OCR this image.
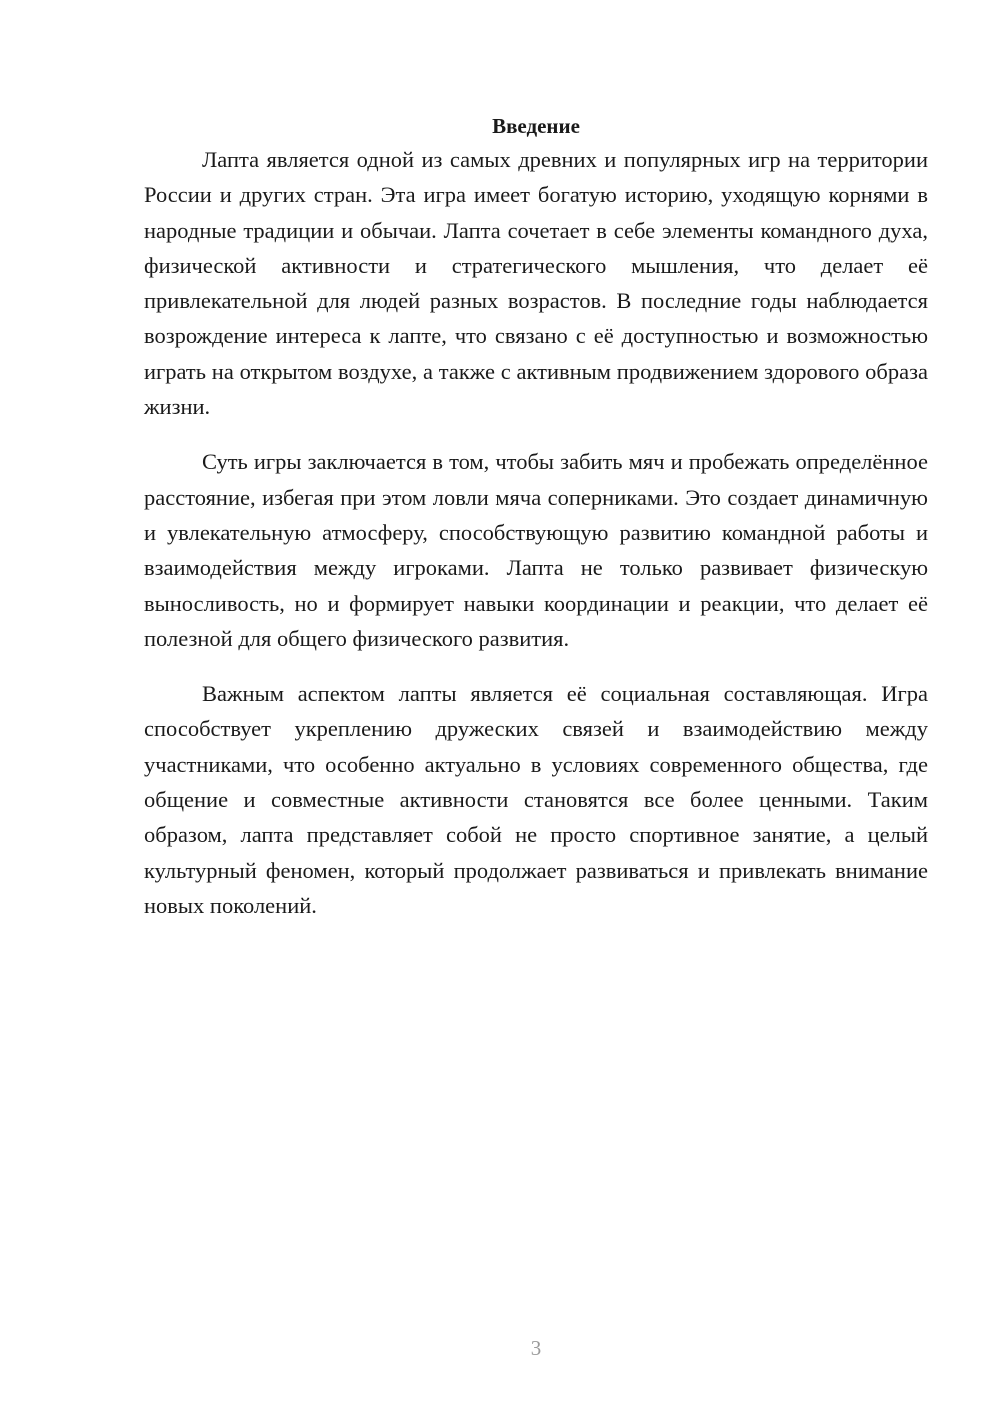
Введение

Лапта является одной из самых древних и популярных игр на территории России и других стран. Эта игра имеет богатую историю, уходящую корнями в народные традиции и обычаи. Лапта сочетает в себе элементы командного духа, физической активности и стратегического мышления, что делает её привлекательной для людей разных возрастов. В последние годы наблюдается возрождение интереса к лапте, что связано с её доступностью и возможностью играть на открытом воздухе, а также с активным продвижением здорового образа жизни.

Суть игры заключается в том, чтобы забить мяч и пробежать определённое расстояние, избегая при этом ловли мяча соперниками. Это создает динамичную и увлекательную атмосферу, способствующую развитию командной работы и взаимодействия между игроками. Лапта не только развивает физическую выносливость, но и формирует навыки координации и реакции, что делает её полезной для общего физического развития.

Важным аспектом лапты является её социальная составляющая. Игра способствует укреплению дружеских связей и взаимодействию между участниками, что особенно актуально в условиях современного общества, где общение и совместные активности становятся все более ценными. Таким образом, лапта представляет собой не просто спортивное занятие, а целый культурный феномен, который продолжает развиваться и привлекать внимание новых поколений.

3
